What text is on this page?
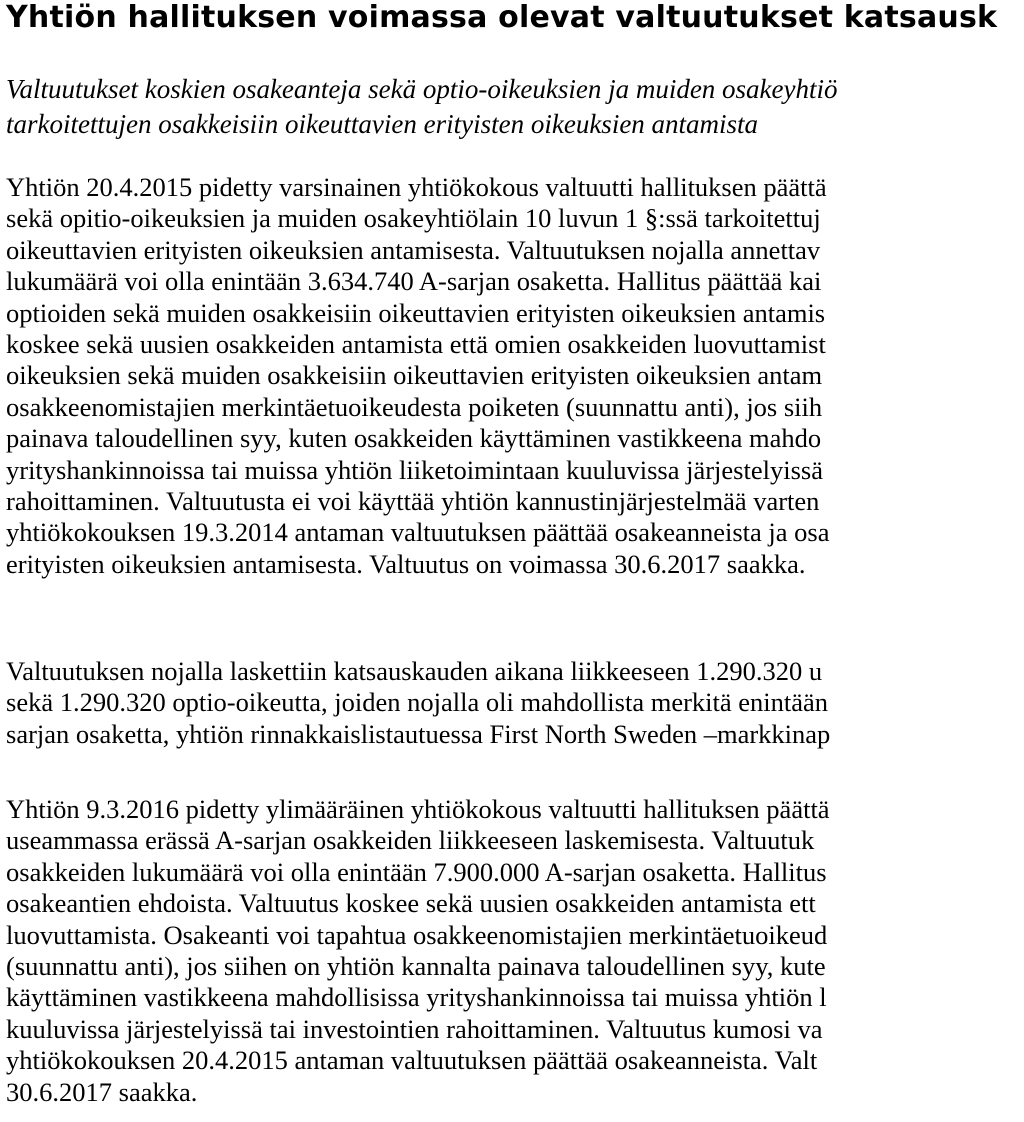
Yhtiön hallituksen voimassa olevat valtuutukset katsausk
Valtuutukset koskien osakeanteja sekä optio-oikeuksien ja muiden osakeyhtiö
tarkoitettujen osakkeisiin oikeuttavien erityisten oikeuksien antamista
Yhtiön 20.4.2015 pidetty varsinainen yhtiökokous valtuutti hallituksen päättä
sekä opitio-oikeuksien ja muiden osakeyhtiölain 10 luvun 1 §:ssä tarkoitettuj
oikeuttavien erityisten oikeuksien antamisesta. Valtuutuksen nojalla annettav
lukumäärä voi olla enintään 3.634.740 A-sarjan osaketta. Hallitus päättää kai
optioiden sekä muiden osakkeisiin oikeuttavien erityisten oikeuksien antamis
koskee sekä uusien osakkeiden antamista että omien osakkeiden luovuttamist
oikeuksien sekä muiden osakkeisiin oikeuttavien erityisten oikeuksien antam
osakkeenomistajien merkintäetuoikeudesta poiketen (suunnattu anti), jos siih
painava taloudellinen syy, kuten osakkeiden käyttäminen vastikkeena mahdo
yrityshankinnoissa tai muissa yhtiön liiketoimintaan kuuluvissa järjestelyissä
rahoittaminen. Valtuutusta ei voi käyttää yhtiön kannustinjärjestelmää varten
yhtiökokouksen 19.3.2014 antaman valtuutuksen päättää osakeanneista ja osa
erityisten oikeuksien antamisesta. Valtuutus on voimassa 30.6.2017 saakka.
Valtuutuksen nojalla laskettiin katsauskauden aikana liikkeeseen 1.290.320 u
sekä 1.290.320 optio-oikeutta, joiden nojalla oli mahdollista merkitä enintään
sarjan osaketta, yhtiön rinnakkaislistautuessa First North Sweden –markkinap
Yhtiön 9.3.2016 pidetty ylimääräinen yhtiökokous valtuutti hallituksen päättä
useammassa erässä A-sarjan osakkeiden liikkeeseen laskemisesta. Valtuutuk
osakkeiden lukumäärä voi olla enintään 7.900.000 A-sarjan osaketta. Hallitus
osakeantien ehdoista. Valtuutus koskee sekä uusien osakkeiden antamista ett
luovuttamista. Osakeanti voi tapahtua osakkeenomistajien merkintäetuoikeud
(suunnattu anti), jos siihen on yhtiön kannalta painava taloudellinen syy, kute
käyttäminen vastikkeena mahdollisissa yrityshankinnoissa tai muissa yhtiön l
kuuluvissa järjestelyissä tai investointien rahoittaminen. Valtuutus kumosi va
yhtiökokouksen 20.4.2015 antaman valtuutuksen päättää osakeanneista. Valt
30.6.2017 saakka.
